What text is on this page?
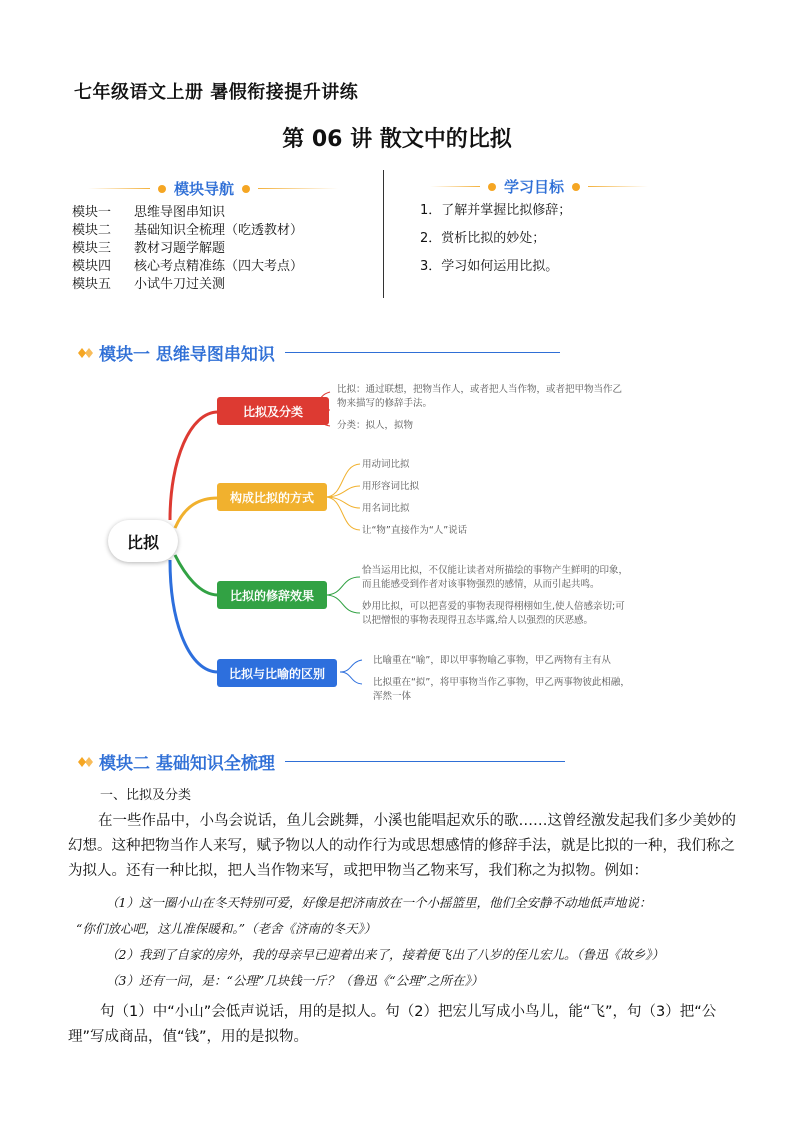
七年级语文上册 暑假衔接提升讲练
第 06 讲 散文中的比拟
模块导航
模块一	思维导图串知识
模块二	基础知识全梳理（吃透教材）
模块三	教材习题学解题
模块四	核心考点精准练（四大考点）
模块五	小试牛刀过关测
学习目标
1．了解并掌握比拟修辞；
2．赏析比拟的妙处；
3．学习如何运用比拟。
模块一 思维导图串知识
比拟
比拟及分类
构成比拟的方式
比拟的修辞效果
比拟与比喻的区别
比拟：通过联想，把物当作人，或者把人当作物，或者把甲物当作乙
物来描写的修辞手法。
分类：拟人，拟物
用动词比拟
用形容词比拟
用名词比拟
让“物”直接作为“人”说话
恰当运用比拟，不仅能让读者对所描绘的事物产生鲜明的印象，
而且能感受到作者对该事物强烈的感情，从而引起共鸣。
妙用比拟，可以把喜爱的事物表现得栩栩如生,使人倍感亲切;可
以把憎恨的事物表现得丑态毕露,给人以强烈的厌恶感。
比喻重在“喻”，即以甲事物喻乙事物，甲乙两物有主有从
比拟重在“拟”，将甲事物当作乙事物，甲乙两事物彼此相融，
浑然一体
模块二 基础知识全梳理
一、比拟及分类
在一些作品中，小鸟会说话，鱼儿会跳舞，小溪也能唱起欢乐的歌……这曾经激发起我们多少美妙的
幻想。这种把物当作人来写，赋予物以人的动作行为或思想感情的修辞手法，就是比拟的一种，我们称之
为拟人。还有一种比拟，把人当作物来写，或把甲物当乙物来写，我们称之为拟物。例如：
（1）这一圈小山在冬天特别可爱，好像是把济南放在一个小摇篮里，他们全安静不动地低声地说：
“你们放心吧，这儿准保暖和。”（老舍《济南的冬天》）
（2）我到了自家的房外，我的母亲早已迎着出来了，接着便飞出了八岁的侄儿宏儿。（鲁迅《故乡》）
（3）还有一问，是：“公理”几块钱一斤？（鲁迅《“公理”之所在》）
句（1）中“小山”会低声说话，用的是拟人。句（2）把宏儿写成小鸟儿，能“飞”，句（3）把“公
理”写成商品，值“钱”，用的是拟物。
